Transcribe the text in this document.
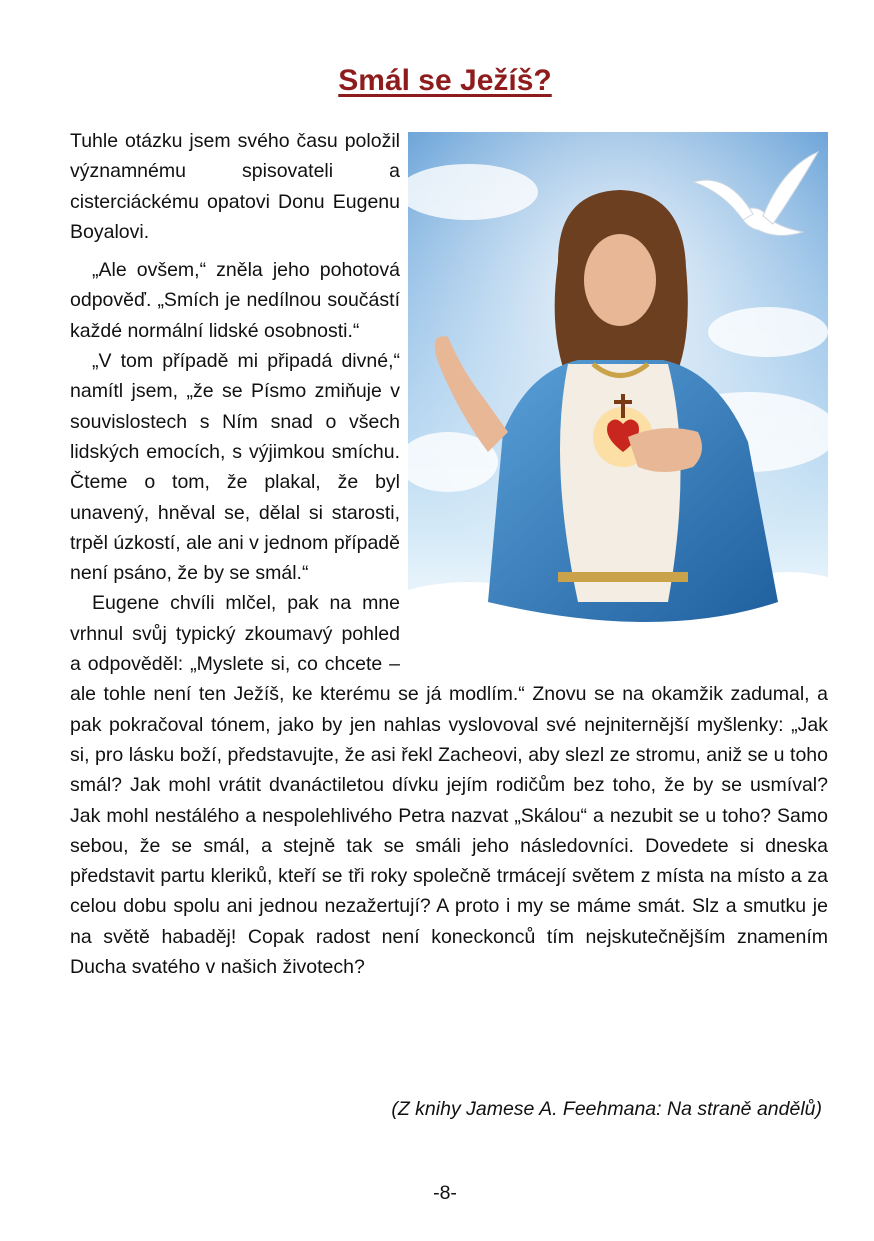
Smál se Ježíš?

Tuhle otázku jsem svého času položil významnému spisovateli a cisterciáckému opatovi Donu Eugenu Boyalovi.

„Ale ovšem,“ zněla jeho pohotová odpověď. „Smích je nedílnou součástí každé normální lidské osobnosti.“

„V tom případě mi připadá divné,“ namítl jsem, „že se Písmo zmiňuje v souvislostech s Ním snad o všech lidských emocích, s výjimkou smíchu. Čteme o tom, že plakal, že byl unavený, hněval se, dělal si starosti, trpěl úzkostí, ale ani v jednom případě není psáno, že by se smál.“

Eugene chvíli mlčel, pak na mne vrhnul svůj typický zkoumavý pohled a odpověděl: „Myslete si, co chcete – ale tohle není ten Ježíš, ke kterému se já modlím.“ Znovu se na okamžik zadumal, a pak pokračoval tónem, jako by jen nahlas vyslovoval své nejniternější myšlenky: „Jak si, pro lásku boží, představujte, že asi řekl Zacheovi, aby slezl ze stromu, aniž se u toho smál? Jak mohl vrátit dvanáctiletou dívku jejím rodičům bez toho, že by se usmíval? Jak mohl nestálého a nespolehlivého Petra nazvat „Skálou“ a nezubit se u toho? Samo sebou, že se smál, a stejně tak se smáli jeho následovníci. Dovedete si dneska představit partu kleriků, kteří se tři roky společně trmácejí světem z místa na místo a za celou dobu spolu ani jednou nezažertují? A proto i my se máme smát. Slz a smutku je na světě habaděj! Copak radost není koneckonců tím nejskutečnějším znamením Ducha svatého v našich životech?

(Z knihy Jamese A. Feehmana: Na straně andělů)

-8-
